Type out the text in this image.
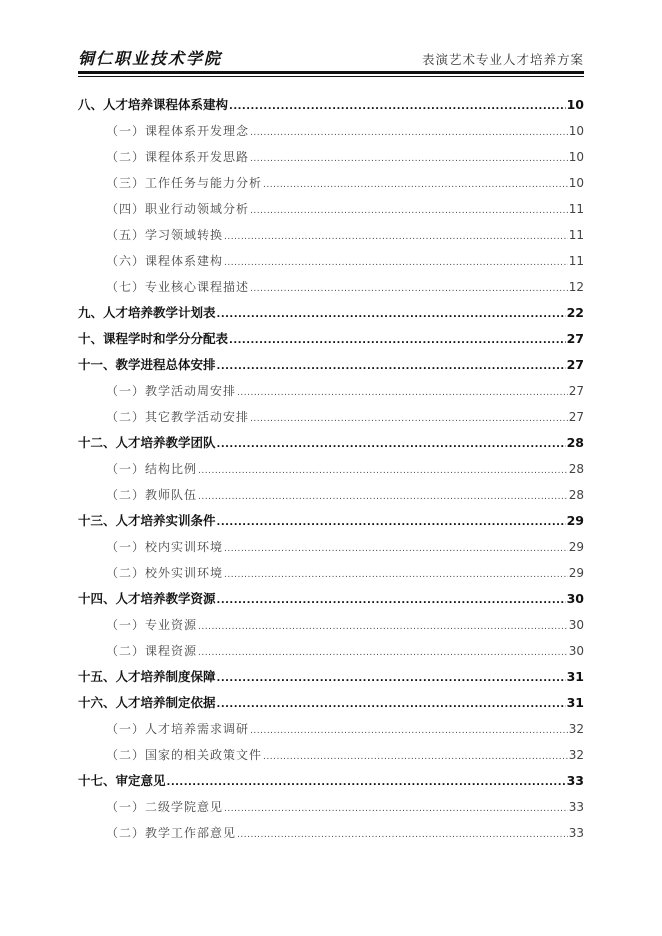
铜仁职业技术学院	表演艺术专业人才培养方案
八、人才培养课程体系建构 .....	10
（一）课程体系开发理念 .....	10
（二）课程体系开发思路 .....	10
（三）工作任务与能力分析 .....	10
（四）职业行动领域分析 .....	11
（五）学习领域转换 .....	11
（六）课程体系建构 .....	11
（七）专业核心课程描述 .....	12
九、人才培养教学计划表 .....	22
十、课程学时和学分分配表 .....	27
十一、教学进程总体安排 .....	27
（一）教学活动周安排 .....	27
（二）其它教学活动安排 .....	27
十二、人才培养教学团队 .....	28
（一）结构比例 .....	28
（二）教师队伍 .....	28
十三、人才培养实训条件 .....	29
（一）校内实训环境 .....	29
（二）校外实训环境 .....	29
十四、人才培养教学资源 .....	30
（一）专业资源 .....	30
（二）课程资源 .....	30
十五、人才培养制度保障 .....	31
十六、人才培养制定依据 .....	31
（一）人才培养需求调研 .....	32
（二）国家的相关政策文件 .....	32
十七、审定意见 .....	33
（一）二级学院意见 .....	33
（二）教学工作部意见 .....	33
